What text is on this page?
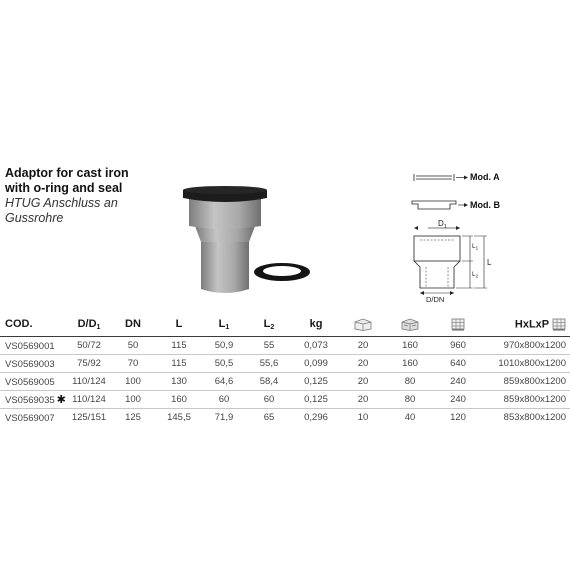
Adaptor for cast iron
with o-ring and seal
HTUG Anschluss an
Gussrohre
Mod. A
Mod. B
$D_1$
D/DN
$L_1$
$L_2$
L
COD.	$D/D_1$	DN	L	$L_1$	$L_2$	kg				HxLxP
VS0569001	50/72	50	115	50,9	55	0,073	20	160	960	970x800x1200
VS0569003	75/92	70	115	50,5	55,6	0,099	20	160	640	1010x800x1200
VS0569005	110/124	100	130	64,6	58,4	0,125	20	80	240	859x800x1200
VS0569035 ✱	110/124	100	160	60	60	0,125	20	80	240	859x800x1200
VS0569007	125/151	125	145,5	71,9	65	0,296	10	40	120	853x800x1200
